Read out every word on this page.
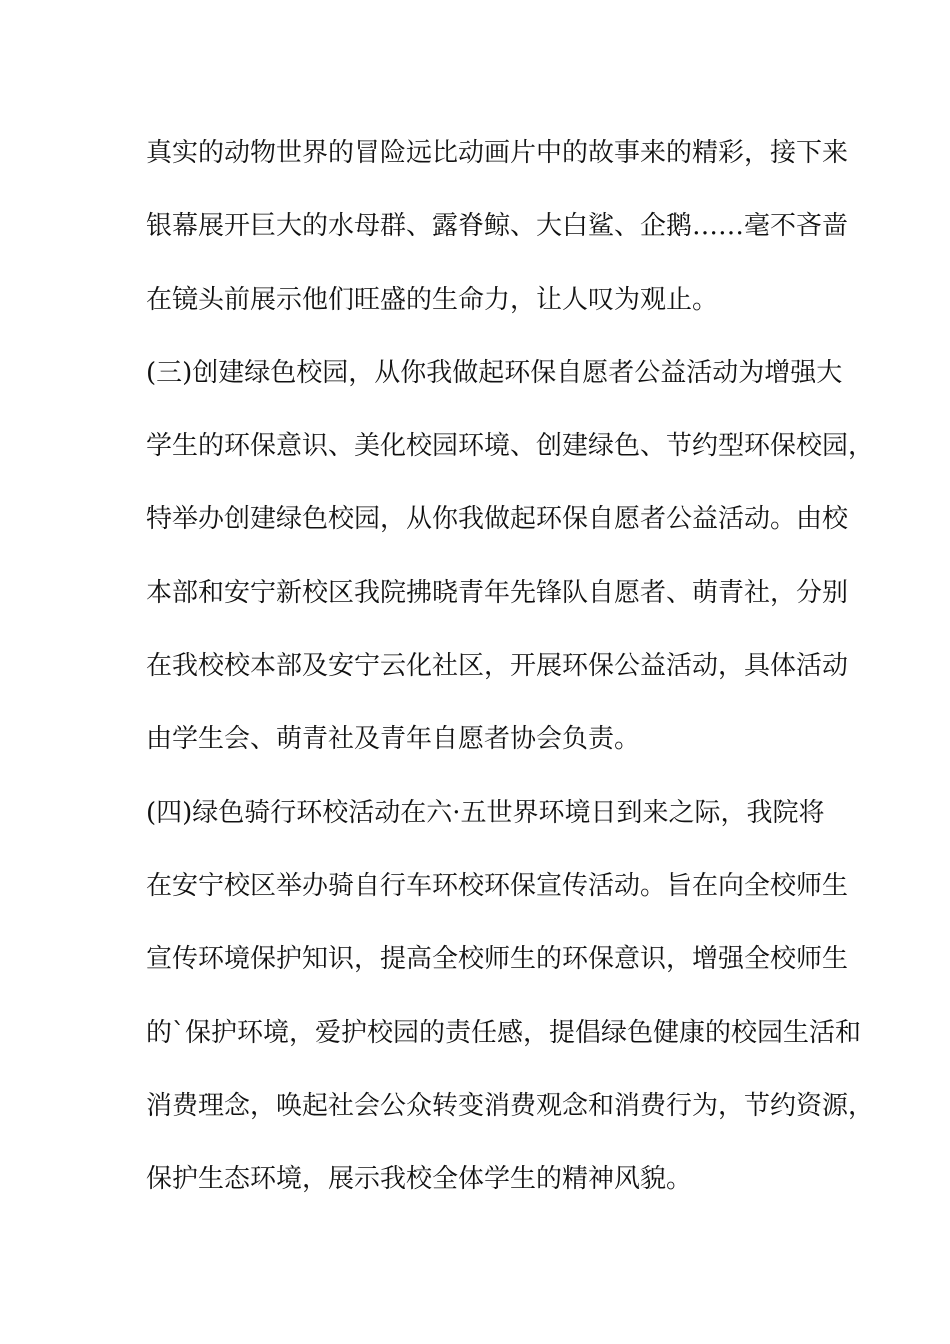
真实的动物世界的冒险远比动画片中的故事来的精彩，接下来
银幕展开巨大的水母群、露脊鲸、大白鲨、企鹅……毫不吝啬
在镜头前展示他们旺盛的生命力，让人叹为观止。
(三)创建绿色校园，从你我做起环保自愿者公益活动为增强大
学生的环保意识、美化校园环境、创建绿色、节约型环保校园，
特举办创建绿色校园，从你我做起环保自愿者公益活动。由校
本部和安宁新校区我院拂晓青年先锋队自愿者、萌青社，分别
在我校校本部及安宁云化社区，开展环保公益活动，具体活动
由学生会、萌青社及青年自愿者协会负责。
(四)绿色骑行环校活动在六·五世界环境日到来之际，我院将
在安宁校区举办骑自行车环校环保宣传活动。旨在向全校师生
宣传环境保护知识，提高全校师生的环保意识，增强全校师生
的`保护环境，爱护校园的责任感，提倡绿色健康的校园生活和
消费理念，唤起社会公众转变消费观念和消费行为，节约资源，
保护生态环境，展示我校全体学生的精神风貌。
